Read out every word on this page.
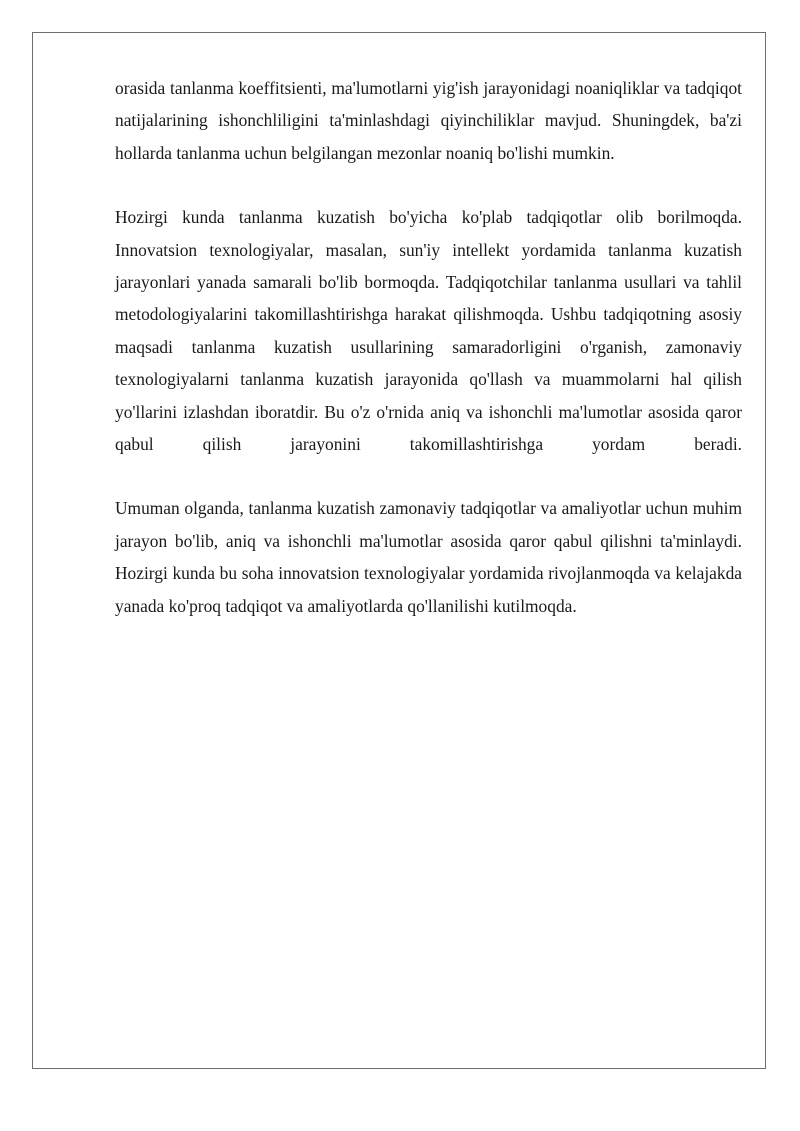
orasida tanlanma koeffitsienti, ma'lumotlarni yig'ish jarayonidagi noaniqliklar va tadqiqot natijalarining ishonchliligini ta'minlashdagi qiyinchiliklar mavjud. Shuningdek, ba'zi hollarda tanlanma uchun belgilangan mezonlar noaniq bo'lishi mumkin.

Hozirgi kunda tanlanma kuzatish bo'yicha ko'plab tadqiqotlar olib borilmoqda. Innovatsion texnologiyalar, masalan, sun'iy intellekt yordamida tanlanma kuzatish jarayonlari yanada samarali bo'lib bormoqda. Tadqiqotchilar tanlanma usullari va tahlil metodologiyalarini takomillashtirishga harakat qilishmoqda. Ushbu tadqiqotning asosiy maqsadi tanlanma kuzatish usullarining samaradorligini o'rganish, zamonaviy texnologiyalarni tanlanma kuzatish jarayonida qo'llash va muammolarni hal qilish yo'llarini izlashdan iboratdir. Bu o'z o'rnida aniq va ishonchli ma'lumotlar asosida qaror qabul qilish jarayonini takomillashtirishga yordam beradi.

Umuman olganda, tanlanma kuzatish zamonaviy tadqiqotlar va amaliyotlar uchun muhim jarayon bo'lib, aniq va ishonchli ma'lumotlar asosida qaror qabul qilishni ta'minlaydi. Hozirgi kunda bu soha innovatsion texnologiyalar yordamida rivojlanmoqda va kelajakda yanada ko'proq tadqiqot va amaliyotlarda qo'llanilishi kutilmoqda.
